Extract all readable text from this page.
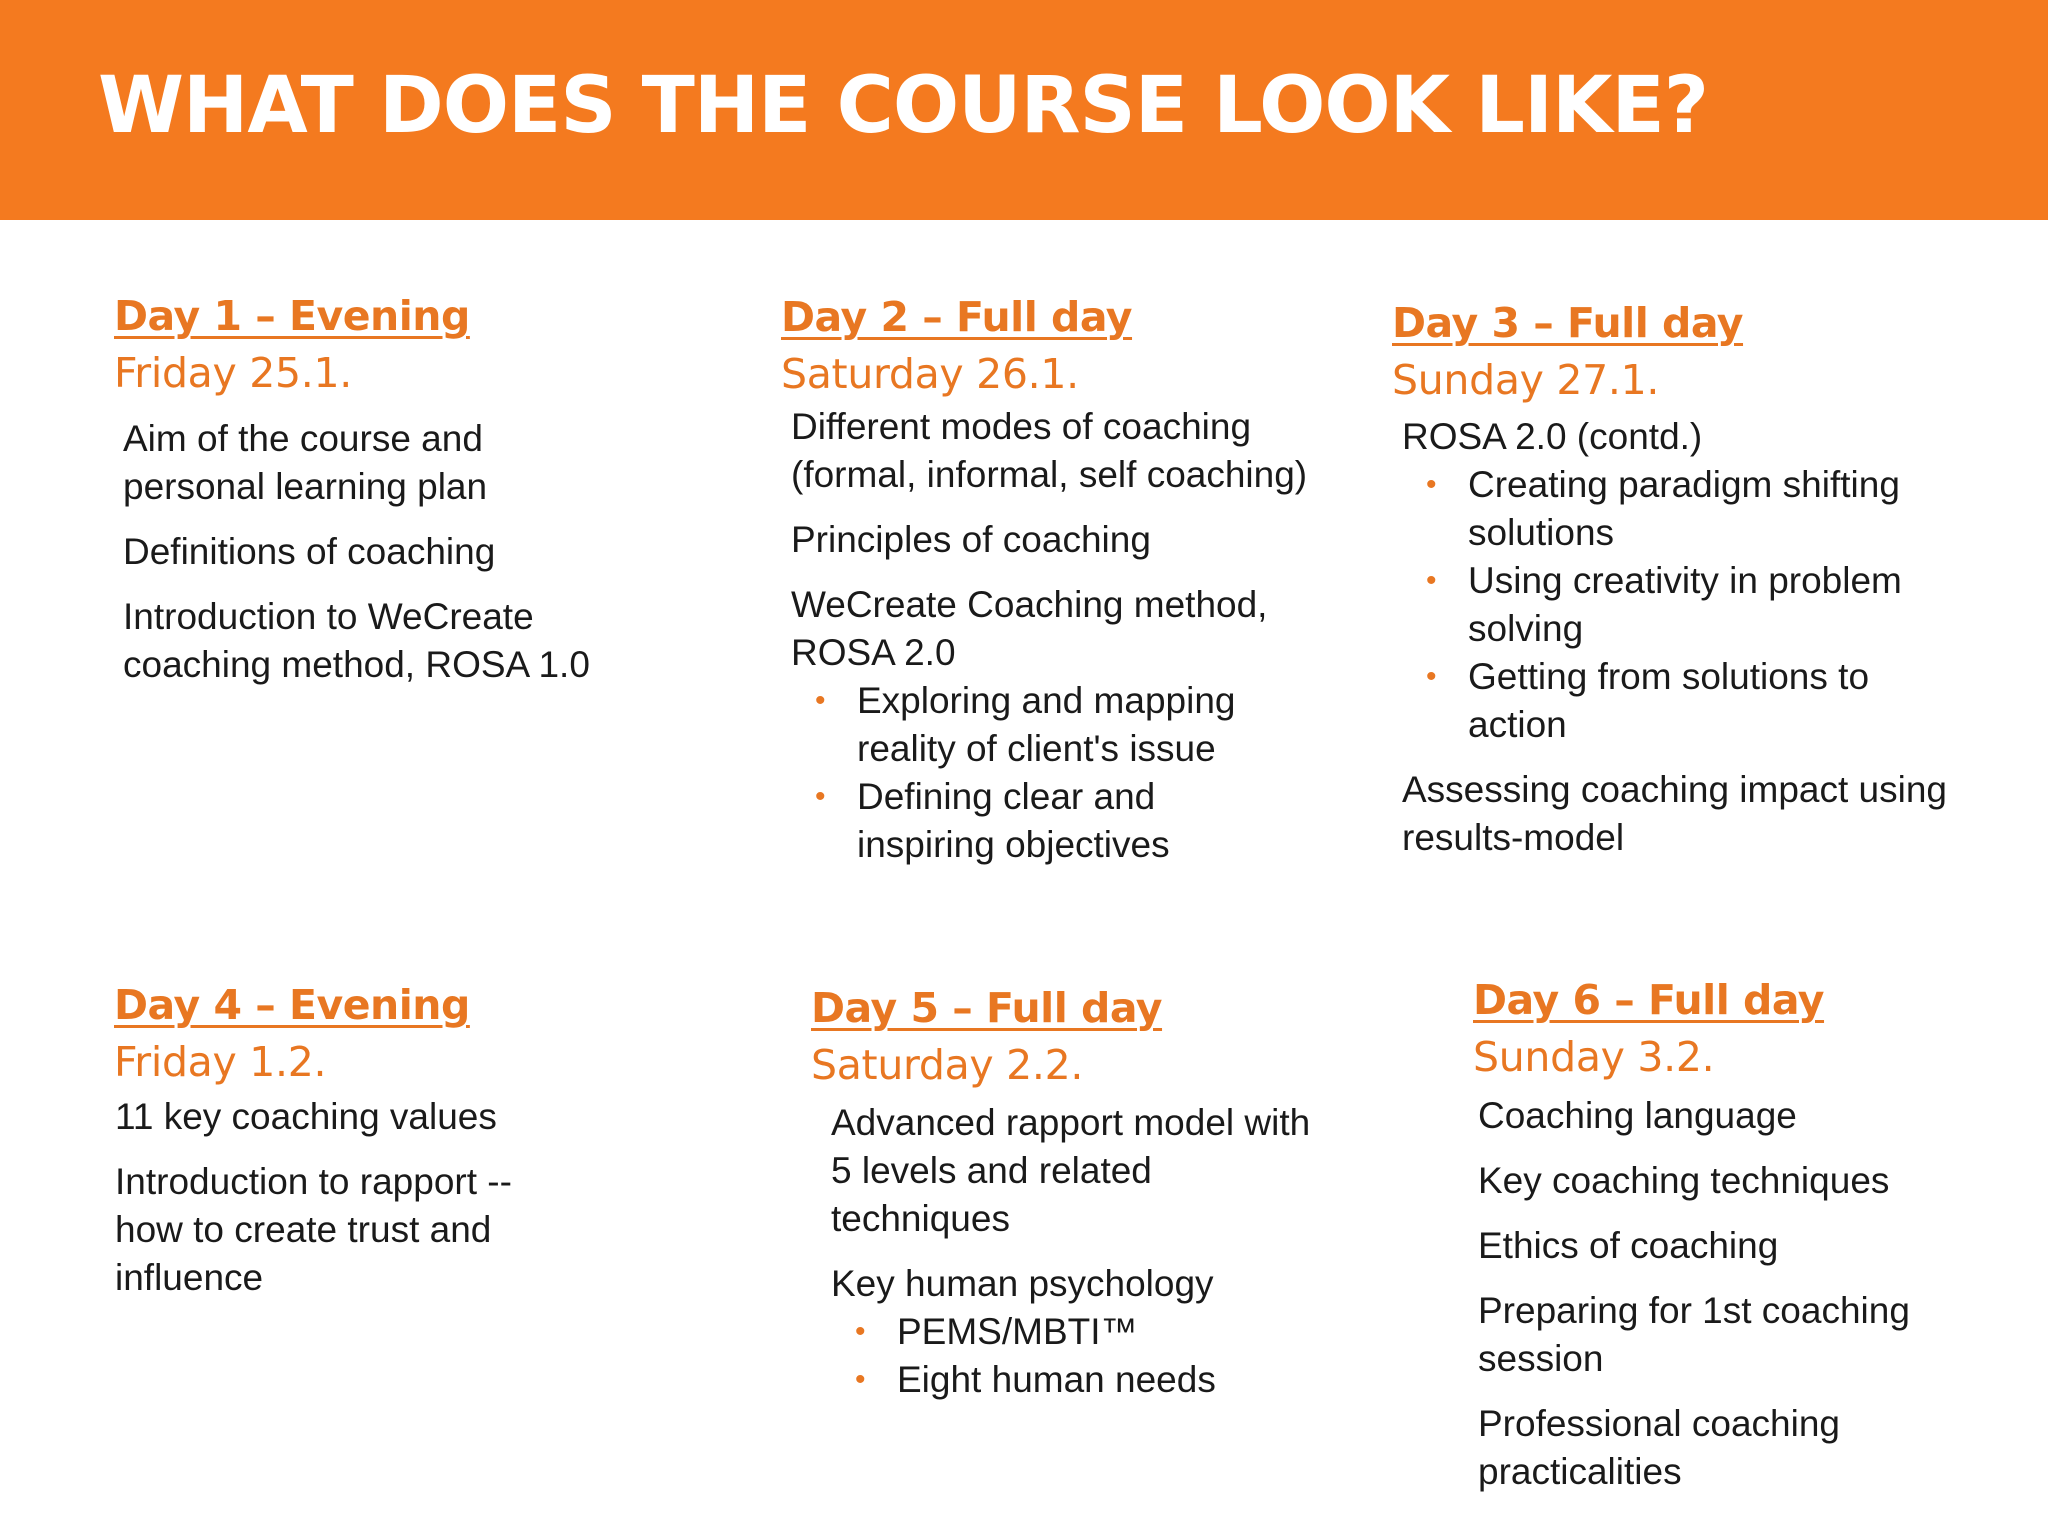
WHAT DOES THE COURSE LOOK LIKE?
Day 1 – Evening
Friday 25.1.

Aim of the course and personal learning plan

Definitions of coaching

Introduction to WeCreate coaching method, ROSA 1.0

Day 2 – Full day
Saturday 26.1.

Different modes of coaching (formal, informal, self coaching)

Principles of coaching

WeCreate Coaching method, ROSA 2.0

• Exploring and mapping reality of client's issue
• Defining clear and inspiring objectives
Day 3 – Full day
Sunday 27.1.

ROSA 2.0 (contd.)

• Creating paradigm shifting solutions
• Using creativity in problem solving
• Getting from solutions to action

Assessing coaching impact using results-model

Day 4 – Evening
Friday 1.2.

11 key coaching values

Introduction to rapport -- how to create trust and influence

Day 5 – Full day
Saturday 2.2.

Advanced rapport model with 5 levels and related techniques

Key human psychology

• PEMS/MBTI™
• Eight human needs
Day 6 – Full day
Sunday 3.2.

Coaching language

Key coaching techniques

Ethics of coaching

Preparing for 1st coaching session

Professional coaching practicalities
